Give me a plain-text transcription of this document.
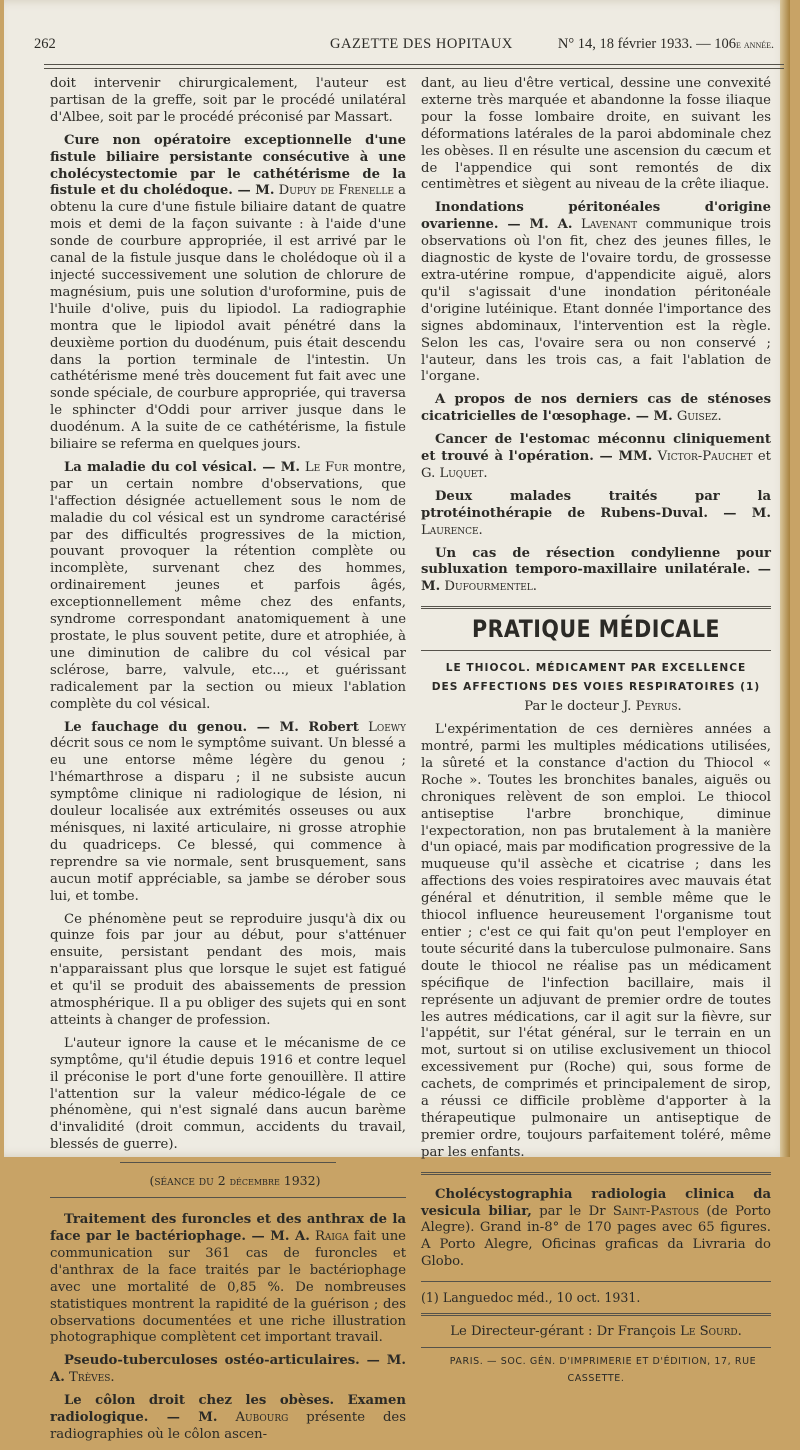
262	GAZETTE DES HOPITAUX	N° 14, 18 février 1933. — 106e année.

doit intervenir chirurgicalement, l'auteur est partisan de la greffe, soit par le procédé unilatéral d'Albee, soit par le procédé préconisé par Massart.

Cure non opératoire exceptionnelle d'une fistule biliaire persistante consécutive à une cholécystectomie par le cathétérisme de la fistule et du cholédoque. — M. Dupuy de Frenelle a obtenu la cure d'une fistule biliaire datant de quatre mois et demi de la façon suivante : à l'aide d'une sonde de courbure appropriée, il est arrivé par le canal de la fistule jusque dans le cholédoque où il a injecté successivement une solution de chlorure de magnésium, puis une solution d'uroformine, puis de l'huile d'olive, puis du lipiodol. La radiographie montra que le lipiodol avait pénétré dans la deuxième portion du duodénum, puis était descendu dans la portion terminale de l'intestin. Un cathétérisme mené très doucement fut fait avec une sonde spéciale, de courbure appropriée, qui traversa le sphincter d'Oddi pour arriver jusque dans le duodénum. A la suite de ce cathétérisme, la fistule biliaire se referma en quelques jours.

La maladie du col vésical. — M. Le Fur montre, par un certain nombre d'observations, que l'affection désignée actuellement sous le nom de maladie du col vésical est un syndrome caractérisé par des difficultés progressives de la miction, pouvant provoquer la rétention complète ou incomplète, survenant chez des hommes, ordinairement jeunes et parfois âgés, exceptionnellement même chez des enfants, syndrome correspondant anatomiquement à une prostate, le plus souvent petite, dure et atrophiée, à une diminution de calibre du col vésical par sclérose, barre, valvule, etc..., et guérissant radicalement par la section ou mieux l'ablation complète du col vésical.

Le fauchage du genou. — M. Robert Loewy décrit sous ce nom le symptôme suivant. Un blessé a eu une entorse même légère du genou ; l'hémarthrose a disparu ; il ne subsiste aucun symptôme clinique ni radiologique de lésion, ni douleur localisée aux extrémités osseuses ou aux ménisques, ni laxité articulaire, ni grosse atrophie du quadriceps. Ce blessé, qui commence à reprendre sa vie normale, sent brusquement, sans aucun motif appréciable, sa jambe se dérober sous lui, et tombe.

Ce phénomène peut se reproduire jusqu'à dix ou quinze fois par jour au début, pour s'atténuer ensuite, persistant pendant des mois, mais n'apparaissant plus que lorsque le sujet est fatigué et qu'il se produit des abaissements de pression atmosphérique. Il a pu obliger des sujets qui en sont atteints à changer de profession.

L'auteur ignore la cause et le mécanisme de ce symptôme, qu'il étudie depuis 1916 et contre lequel il préconise le port d'une forte genouillère. Il attire l'attention sur la valeur médico-légale de ce phénomène, qui n'est signalé dans aucun barème d'invalidité (droit commun, accidents du travail, blessés de guerre).

(séance du 2 décembre 1932)

Traitement des furoncles et des anthrax de la face par le bactériophage. — M. A. Raiga fait une communication sur 361 cas de furoncles et d'anthrax de la face traités par le bactériophage avec une mortalité de 0,85 %. De nombreuses statistiques montrent la rapidité de la guérison ; des observations documentées et une riche illustration photographique complètent cet important travail.

Pseudo-tuberculoses ostéo-articulaires. — M. A. Trèves.

Le côlon droit chez les obèses. Examen radiologique. — M. Aubourg présente des radiographies où le côlon ascen-

dant, au lieu d'être vertical, dessine une convexité externe très marquée et abandonne la fosse iliaque pour la fosse lombaire droite, en suivant les déformations latérales de la paroi abdominale chez les obèses. Il en résulte une ascension du cæcum et de l'appendice qui sont remontés de dix centimètres et siègent au niveau de la crête iliaque.

Inondations péritonéales d'origine ovarienne. — M. A. Lavenant communique trois observations où l'on fit, chez des jeunes filles, le diagnostic de kyste de l'ovaire tordu, de grossesse extra-utérine rompue, d'appendicite aiguë, alors qu'il s'agissait d'une inondation péritonéale d'origine lutéinique. Etant donnée l'importance des signes abdominaux, l'intervention est la règle. Selon les cas, l'ovaire sera ou non conservé ; l'auteur, dans les trois cas, a fait l'ablation de l'organe.

A propos de nos derniers cas de sténoses cicatricielles de l'œsophage. — M. Guisez.

Cancer de l'estomac méconnu cliniquement et trouvé à l'opération. — MM. Victor-Pauchet et G. Luquet.

Deux malades traités par la ptrotéinothérapie de Rubens-Duval. — M. Laurence.

Un cas de résection condylienne pour subluxation temporo-maxillaire unilatérale. — M. Dufourmentel.

PRATIQUE MÉDICALE
LE THIOCOL. MÉDICAMENT PAR EXCELLENCE
DES AFFECTIONS DES VOIES RESPIRATOIRES (1)

Par le docteur J. Peyrus.

L'expérimentation de ces dernières années a montré, parmi les multiples médications utilisées, la sûreté et la constance d'action du Thiocol « Roche ». Toutes les bronchites banales, aiguës ou chroniques relèvent de son emploi. Le thiocol antiseptise l'arbre bronchique, diminue l'expectoration, non pas brutalement à la manière d'un opiacé, mais par modification progressive de la muqueuse qu'il assèche et cicatrise ; dans les affections des voies respiratoires avec mauvais état général et dénutrition, il semble même que le thiocol influence heureusement l'organisme tout entier ; c'est ce qui fait qu'on peut l'employer en toute sécurité dans la tuberculose pulmonaire. Sans doute le thiocol ne réalise pas un médicament spécifique de l'infection bacillaire, mais il représente un adjuvant de premier ordre de toutes les autres médications, car il agit sur la fièvre, sur l'appétit, sur l'état général, sur le terrain en un mot, surtout si on utilise exclusivement un thiocol excessivement pur (Roche) qui, sous forme de cachets, de comprimés et principalement de sirop, a réussi ce difficile problème d'apporter à la thérapeutique pulmonaire un antiseptique de premier ordre, toujours parfaitement toléré, même par les enfants.

Cholécystographia radiologia clinica da vesicula biliar, par le Dr Saint-Pastous (de Porto Alegre). Grand in-8° de 170 pages avec 65 figures. A Porto Alegre, Oficinas graficas da Livraria do Globo.

(1) Languedoc méd., 10 oct. 1931.

Le Directeur-gérant : Dr François Le Sourd.

PARIS. — SOC. GÉN. D'IMPRIMERIE ET D'ÉDITION, 17, RUE CASSETTE.
